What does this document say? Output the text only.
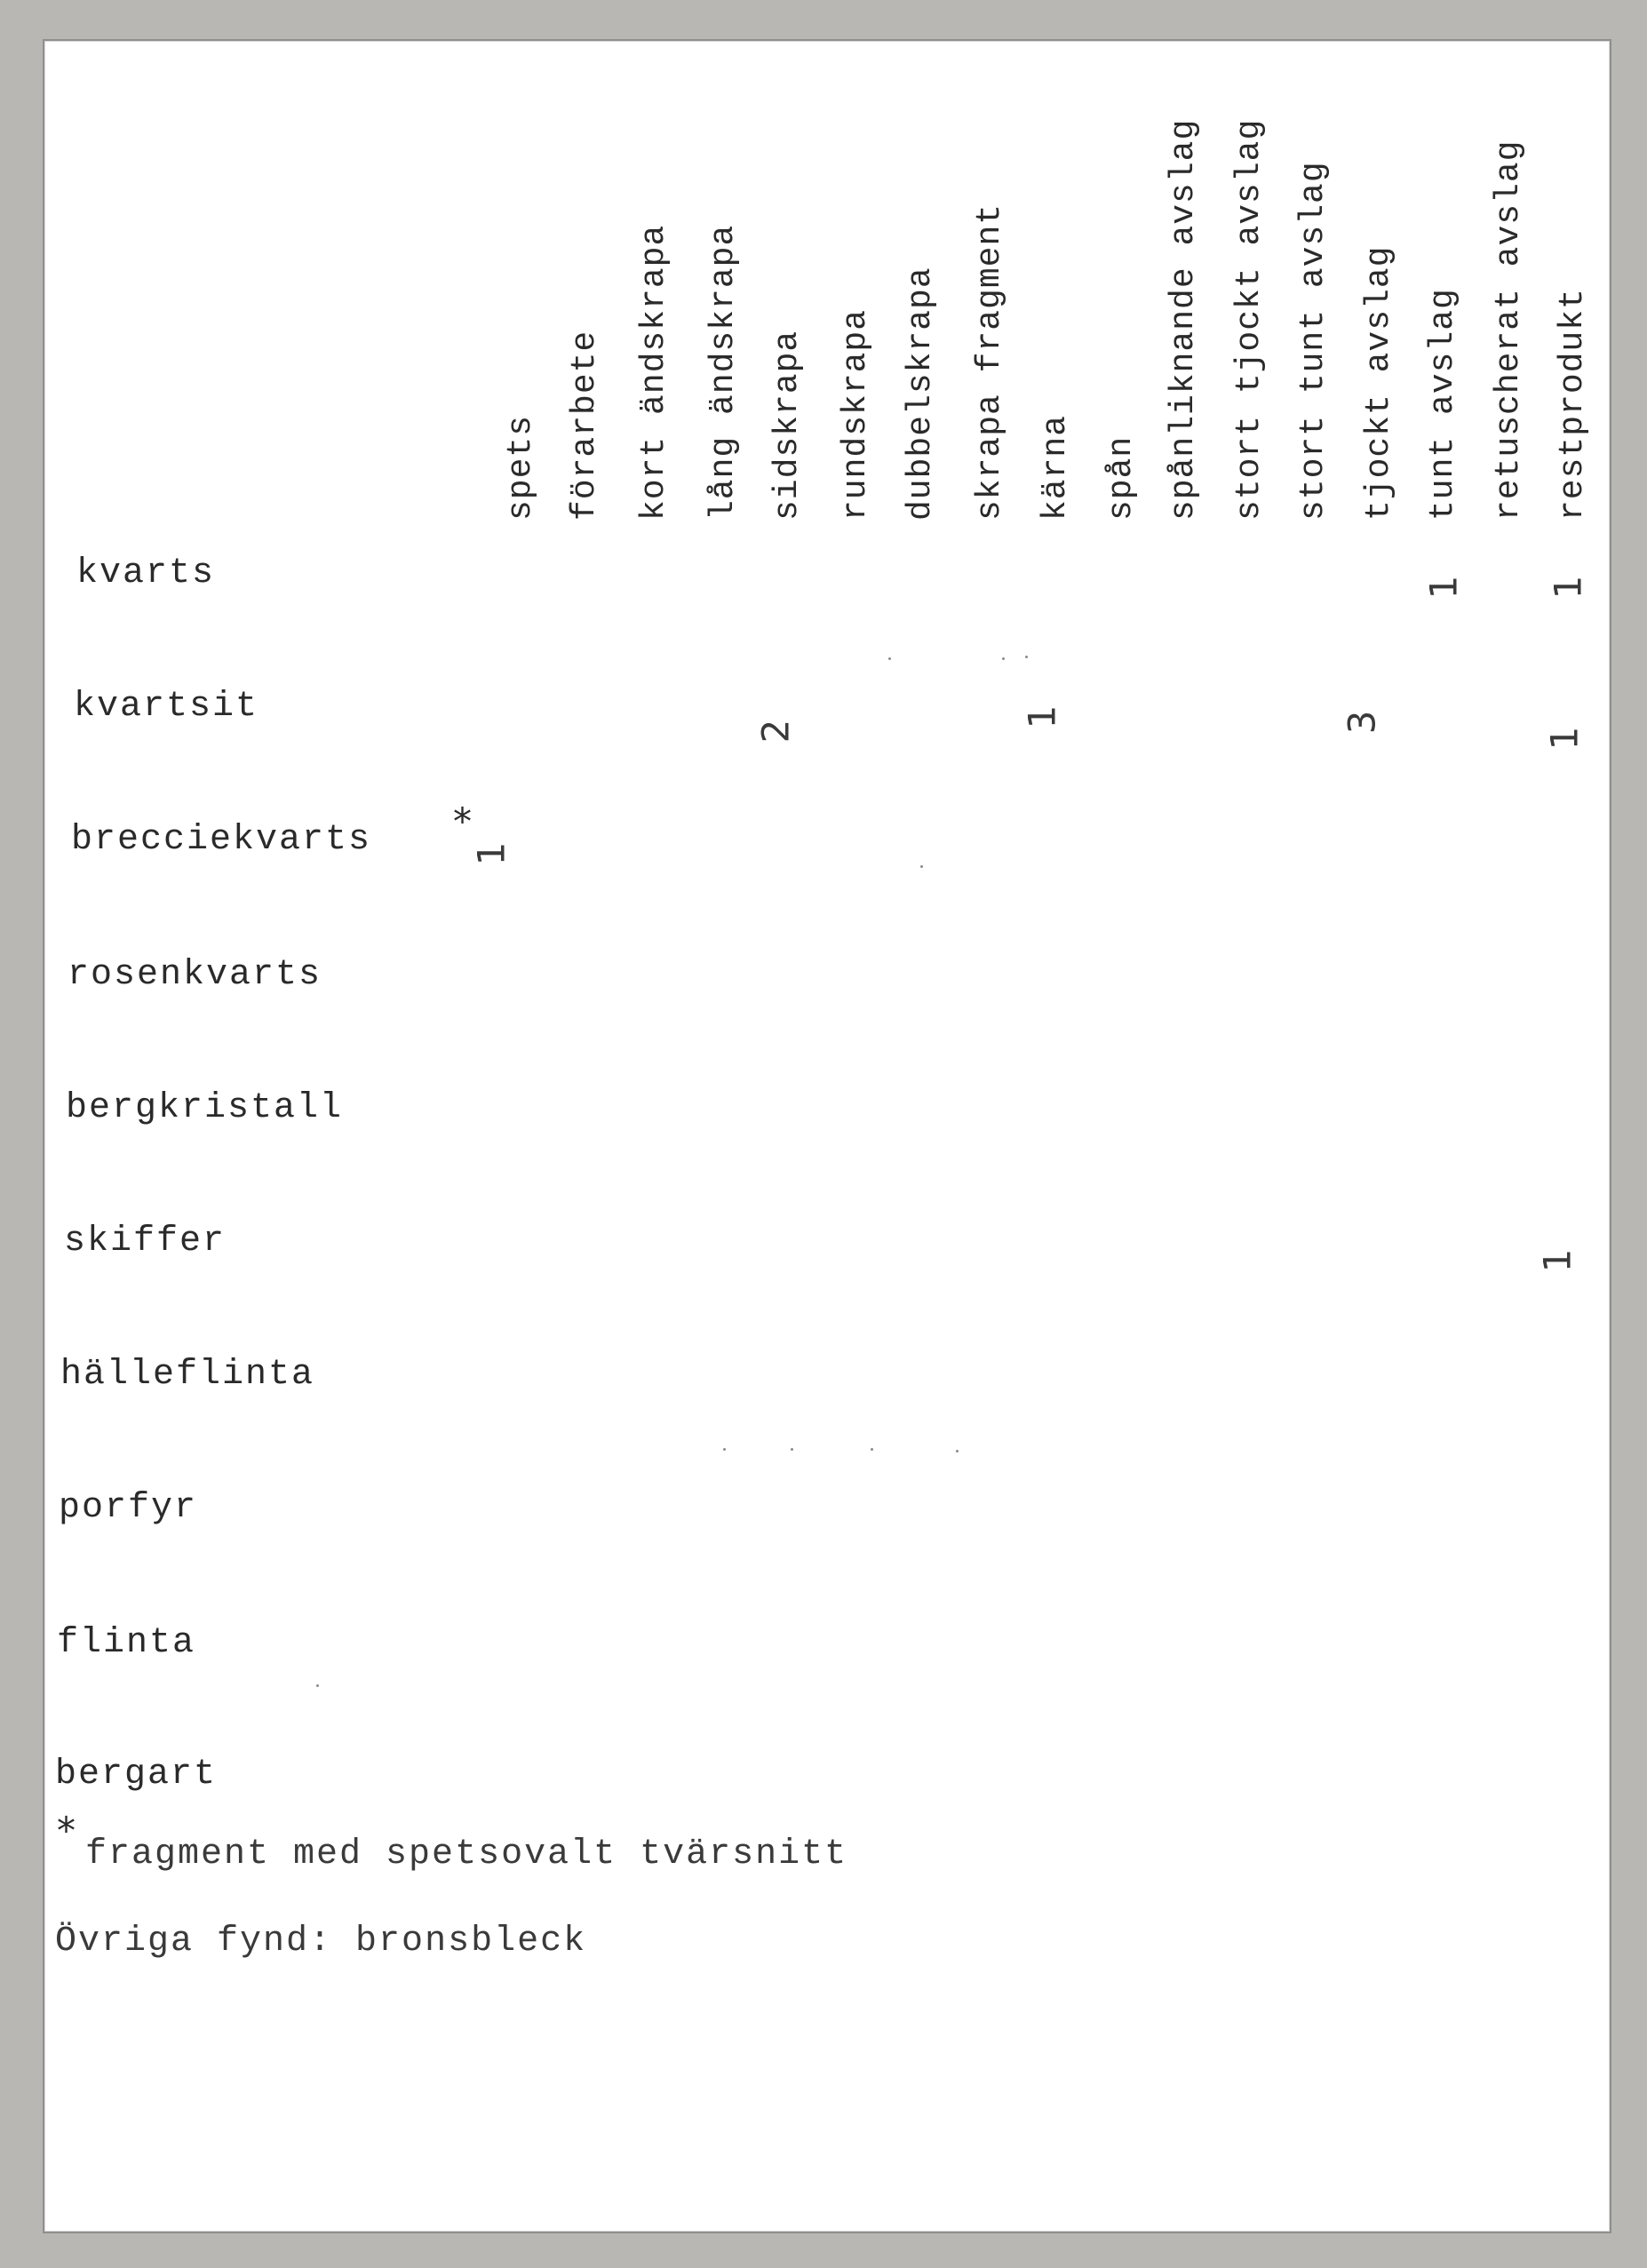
spets förarbete kort ändskrapa lång ändskrapa sidskrapa rundskrapa dubbelskrapa skrapa fragment kärna spån spånliknande avslag stort tjockt avslag stort tunt avslag tjockt avslag tunt avslag retuscherat avslag restprodukt
kvarts
kvartsit
brecciekvarts
rosenkvarts
bergkristall
skiffer
hälleflinta
porfyr
flinta
bergart
1 1
2
1	3
1
*
1
1
*
fragment med spetsovalt tvärsnitt
Övriga fynd: bronsbleck
